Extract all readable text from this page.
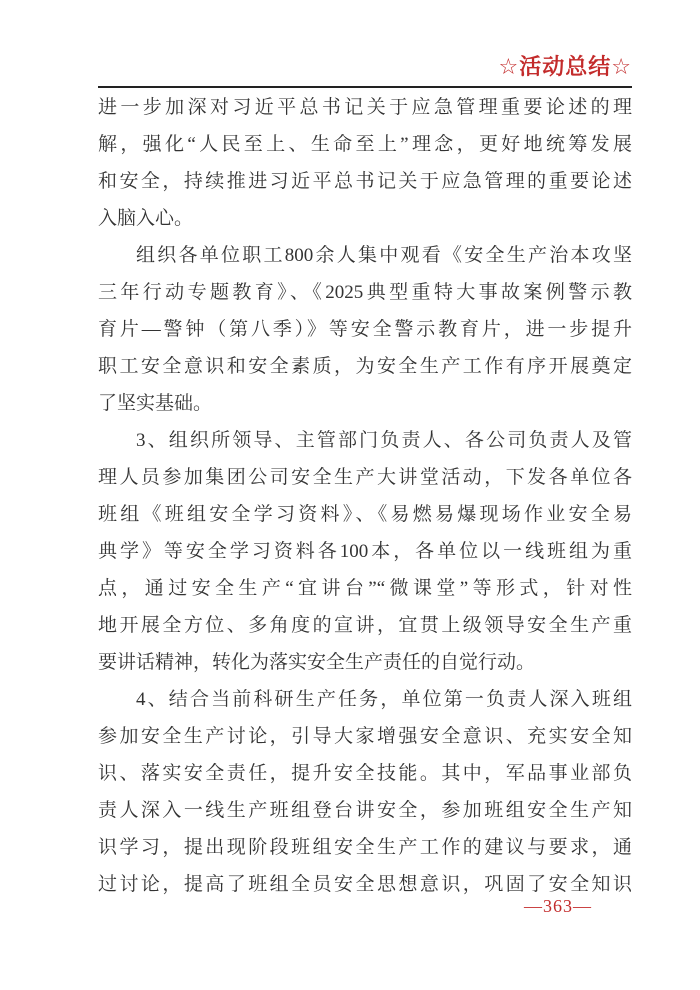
☆活动总结☆
进一步加深对习近平总书记关于应急管理重要论述的理
解，强化“人民至上、生命至上”理念，更好地统筹发展
和安全，持续推进习近平总书记关于应急管理的重要论述
入脑入心。
组织各单位职工800余人集中观看《安全生产治本攻坚
三年行动专题教育》、《2025典型重特大事故案例警示教
育片—警钟（第八季）》等安全警示教育片，进一步提升
职工安全意识和安全素质，为安全生产工作有序开展奠定
了坚实基础。
3、组织所领导、主管部门负责人、各公司负责人及管
理人员参加集团公司安全生产大讲堂活动，下发各单位各
班组《班组安全学习资料》、《易燃易爆现场作业安全易
典学》等安全学习资料各100本，各单位以一线班组为重
点，通过安全生产“宜讲台”“微课堂”等形式，针对性
地开展全方位、多角度的宣讲，宜贯上级领导安全生产重
要讲话精神，转化为落实安全生产责任的自觉行动。
4、结合当前科研生产任务，单位第一负责人深入班组
参加安全生产讨论，引导大家增强安全意识、充实安全知
识、落实安全责任，提升安全技能。其中，军品事业部负
责人深入一线生产班组登台讲安全，参加班组安全生产知
识学习，提出现阶段班组安全生产工作的建议与要求，通
过讨论，提高了班组全员安全思想意识，巩固了安全知识
—363—
